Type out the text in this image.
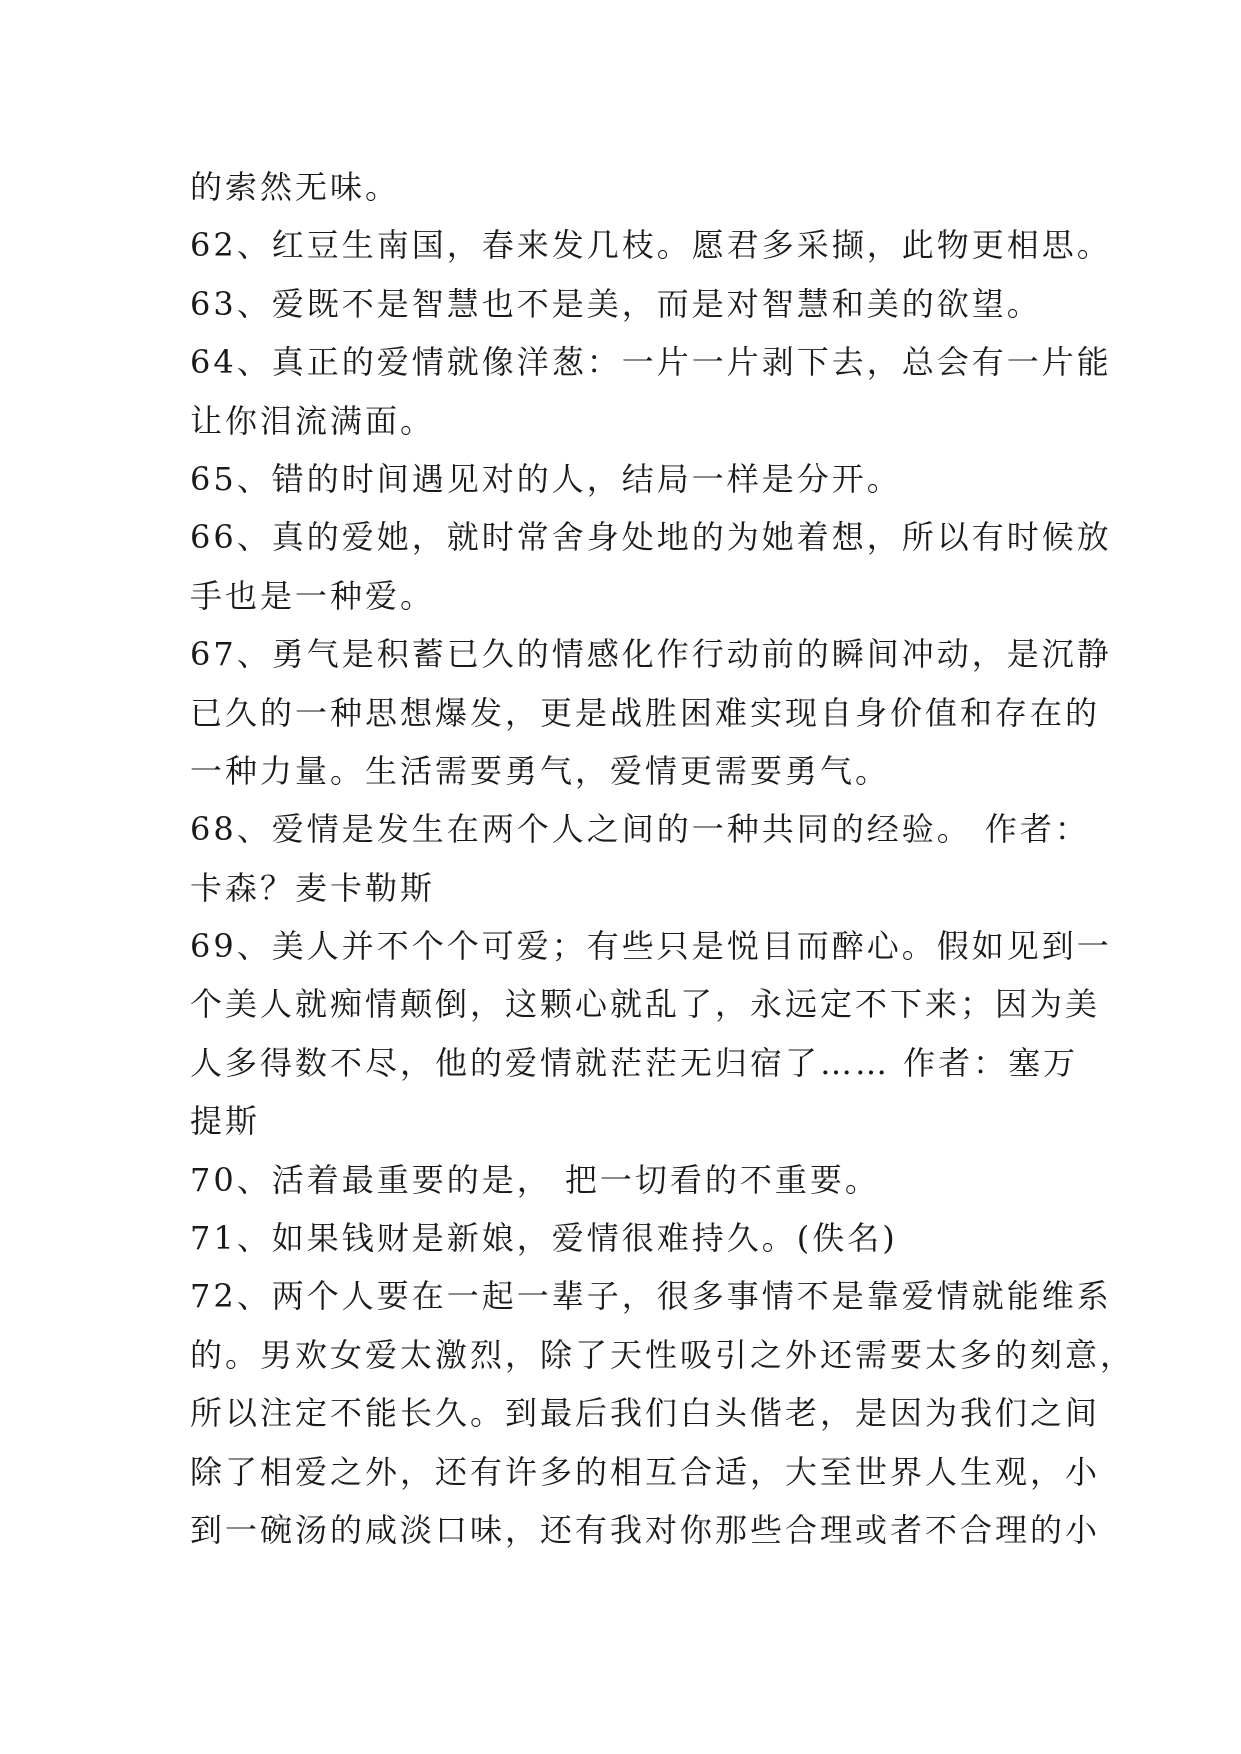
的索然无味。
62、红豆生南国，春来发几枝。愿君多采撷，此物更相思。
63、爱既不是智慧也不是美，而是对智慧和美的欲望。
64、真正的爱情就像洋葱：一片一片剥下去，总会有一片能
让你泪流满面。
65、错的时间遇见对的人，结局一样是分开。
66、真的爱她，就时常舍身处地的为她着想，所以有时候放
手也是一种爱。
67、勇气是积蓄已久的情感化作行动前的瞬间冲动，是沉静
已久的一种思想爆发，更是战胜困难实现自身价值和存在的
一种力量。生活需要勇气，爱情更需要勇气。
68、爱情是发生在两个人之间的一种共同的经验。 作者：
卡森？麦卡勒斯
69、美人并不个个可爱；有些只是悦目而醉心。假如见到一
个美人就痴情颠倒，这颗心就乱了，永远定不下来；因为美
人多得数不尽，他的爱情就茫茫无归宿了…… 作者：塞万
提斯
70、活着最重要的是， 把一切看的不重要。
71、如果钱财是新娘，爱情很难持久。(佚名)
72、两个人要在一起一辈子，很多事情不是靠爱情就能维系
的。男欢女爱太激烈，除了天性吸引之外还需要太多的刻意，
所以注定不能长久。到最后我们白头偕老，是因为我们之间
除了相爱之外，还有许多的相互合适，大至世界人生观，小
到一碗汤的咸淡口味，还有我对你那些合理或者不合理的小
